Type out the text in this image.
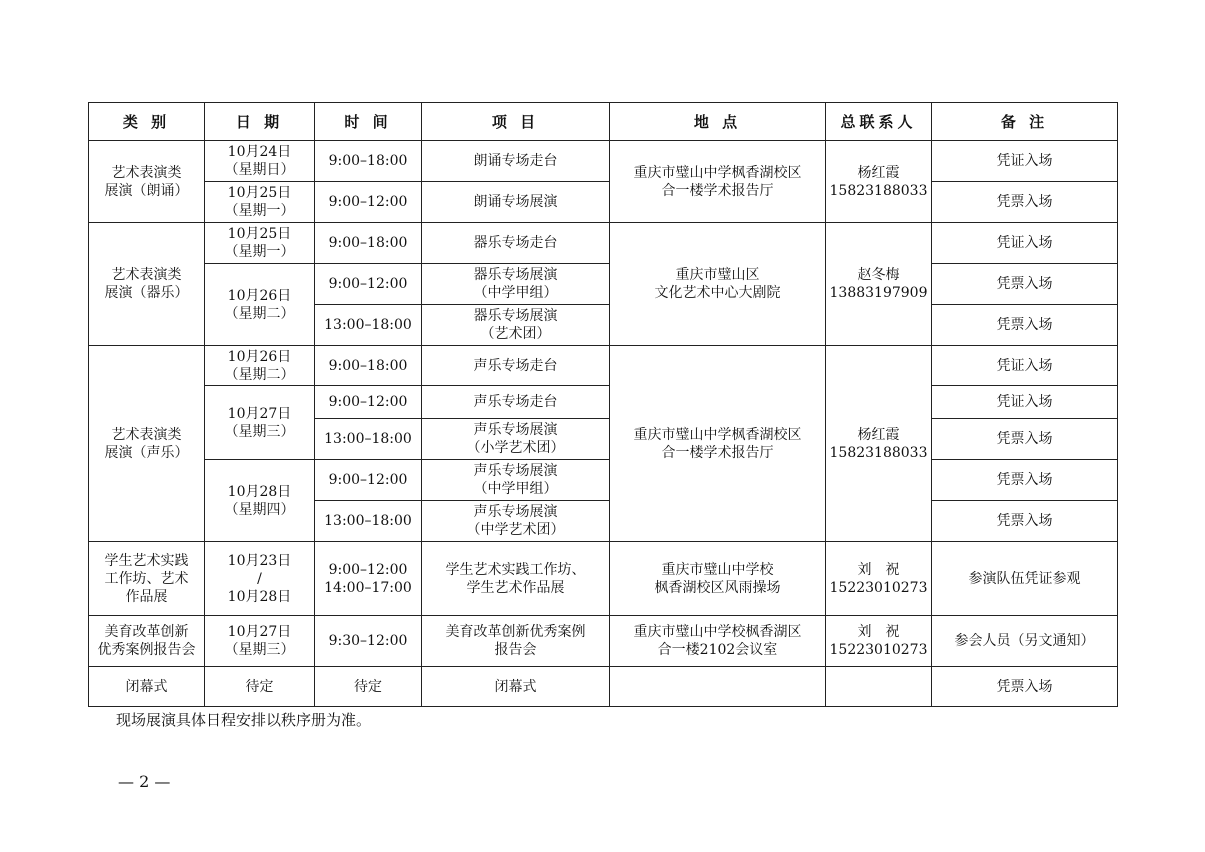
类 别	日 期	时 间	项 目	地 点	总联系人	备 注

艺术表演类
展演（朗诵）	10月24日
（星期日）	9:00–18:00	朗诵专场走台	重庆市璧山中学枫香湖校区
合一楼学术报告厅	杨红霞
15823188033	凭证入场

	10月25日
（星期一）	9:00–12:00	朗诵专场展演			凭票入场

艺术表演类
展演（器乐）	10月25日
（星期一）	9:00–18:00	器乐专场走台	重庆市璧山区
文化艺术中心大剧院	赵冬梅
13883197909	凭证入场

	10月26日
（星期二）	9:00–12:00	器乐专场展演
（中学甲组）			凭票入场
		13:00–18:00	器乐专场展演
（艺术团）			凭票入场

艺术表演类
展演（声乐）	10月26日
（星期二）	9:00–18:00	声乐专场走台	重庆市璧山中学枫香湖校区
合一楼学术报告厅	杨红霞
15823188033	凭证入场

	10月27日
（星期三）	9:00–12:00	声乐专场走台			凭证入场
		13:00–18:00	声乐专场展演
（小学艺术团）			凭票入场

	10月28日
（星期四）	9:00–12:00	声乐专场展演
（中学甲组）			凭票入场
		13:00–18:00	声乐专场展演
（中学艺术团）			凭票入场

学生艺术实践
工作坊、艺术
作品展	10月23日
/
10月28日	9:00–12:00
14:00–17:00	学生艺术实践工作坊、
学生艺术作品展	重庆市璧山中学校
枫香湖校区风雨操场	刘　祝
15223010273	参演队伍凭证参观

美育改革创新
优秀案例报告会	10月27日
（星期三）	9:30–12:00	美育改革创新优秀案例
报告会	重庆市璧山中学校枫香湖区
合一楼2102会议室	刘　祝
15223010273	参会人员（另文通知）
闭幕式	待定	待定	闭幕式			凭票入场
现场展演具体日程安排以秩序册为准。
— 2 —
